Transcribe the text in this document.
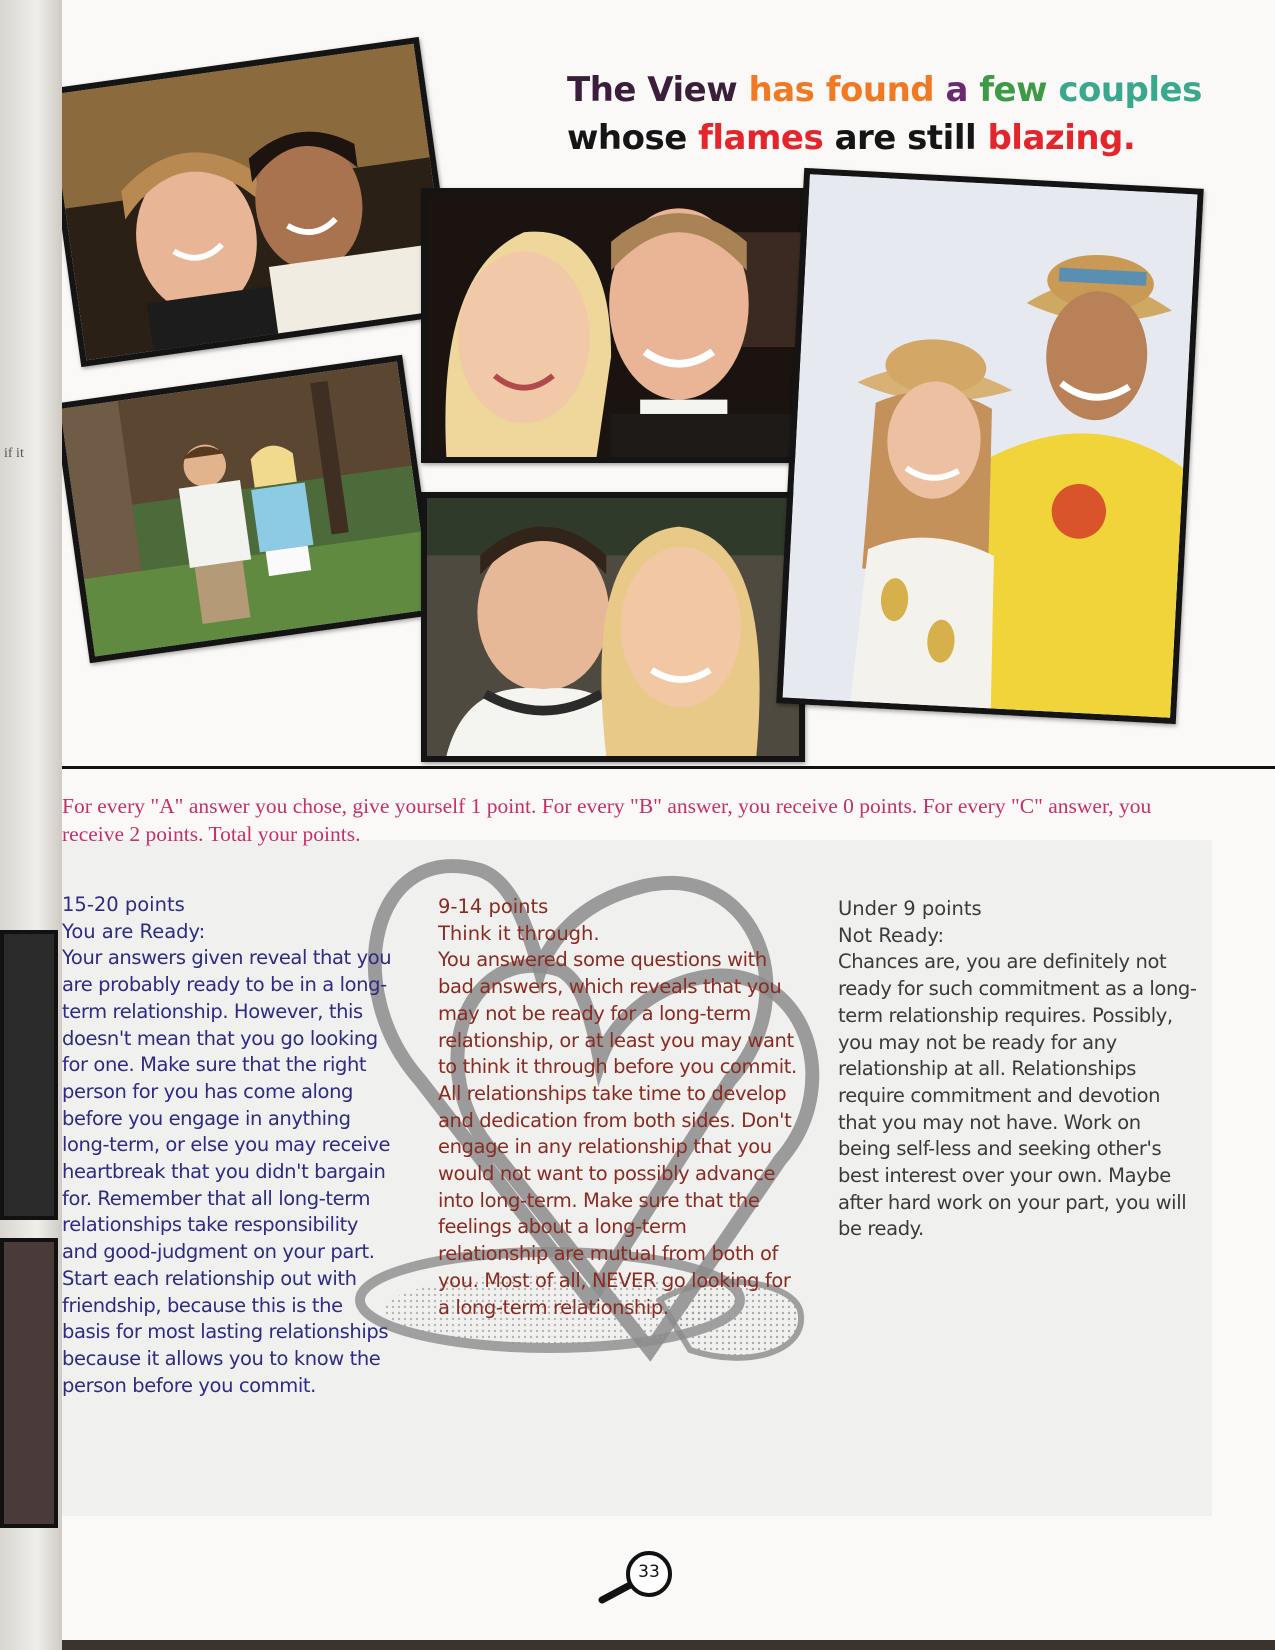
if it
The View has found a few couples
whose flames are still blazing.

For every "A" answer you chose, give yourself 1 point. For every "B" answer, you receive 0 points. For every "C" answer, you receive 2 points. Total your points.

15-20 points
You are Ready:
Your answers given reveal that you are probably ready to be in a long-term relationship. However, this doesn't mean that you go looking for one. Make sure that the right person for you has come along before you engage in anything long-term, or else you may receive heartbreak that you didn't bargain for. Remember that all long-term relationships take responsibility and good-judgment on your part. Start each relationship out with friendship, because this is the basis for most lasting relationships because it allows you to know the person before you commit.
9-14 points
Think it through.
You answered some questions with bad answers, which reveals that you may not be ready for a long-term relationship, or at least you may want to think it through before you commit. All relationships take time to develop and dedication from both sides. Don't engage in any relationship that you would not want to possibly advance into long-term. Make sure that the feelings about a long-term relationship are mutual from both of you. Most of all, NEVER go looking for a long-term relationship.
Under 9 points
Not Ready:
Chances are, you are definitely not ready for such commitment as a long-term relationship requires. Possibly, you may not be ready for any relationship at all. Relationships require commitment and devotion that you may not have. Work on being self-less and seeking other's best interest over your own. Maybe after hard work on your part, you will be ready.
33
